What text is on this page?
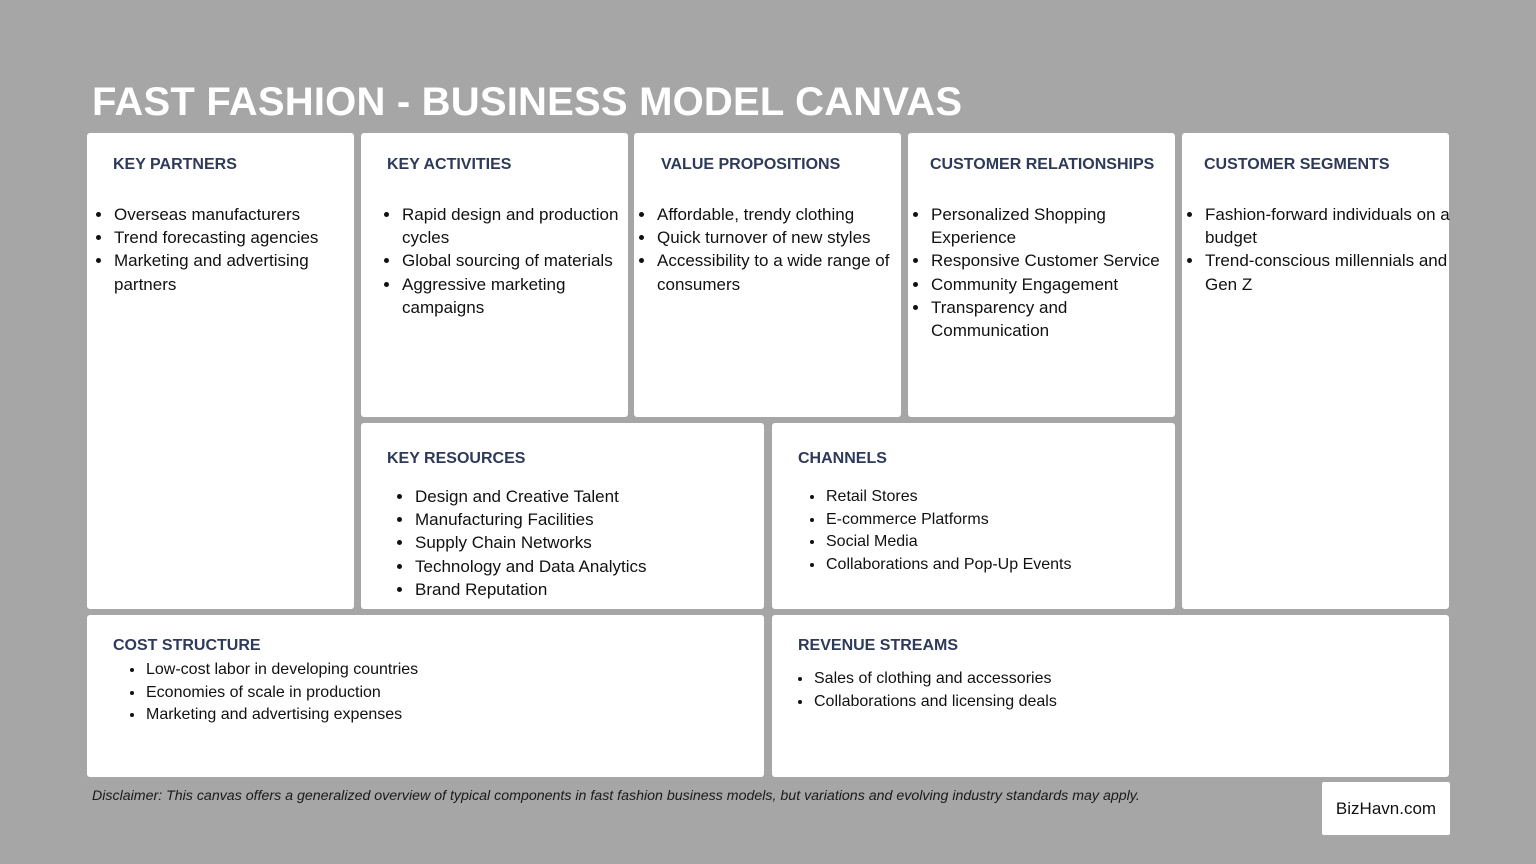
FAST FASHION - BUSINESS MODEL CANVAS
KEY PARTNERS
• Overseas manufacturers
• Trend forecasting agencies
• Marketing and advertising partners
KEY ACTIVITIES
• Rapid design and production cycles
• Global sourcing of materials
• Aggressive marketing campaigns
VALUE PROPOSITIONS
• Affordable, trendy clothing
• Quick turnover of new styles
• Accessibility to a wide range of consumers
CUSTOMER RELATIONSHIPS
• Personalized Shopping Experience
• Responsive Customer Service
• Community Engagement
• Transparency and Communication
CUSTOMER SEGMENTS
• Fashion-forward individuals on a budget
• Trend-conscious millennials and Gen Z
KEY RESOURCES
• Design and Creative Talent
• Manufacturing Facilities
• Supply Chain Networks
• Technology and Data Analytics
• Brand Reputation
CHANNELS
• Retail Stores
• E-commerce Platforms
• Social Media
• Collaborations and Pop-Up Events
COST STRUCTURE
• Low-cost labor in developing countries
• Economies of scale in production
• Marketing and advertising expenses
REVENUE STREAMS
• Sales of clothing and accessories
• Collaborations and licensing deals

Disclaimer: This canvas offers a generalized overview of typical components in fast fashion business models, but variations and evolving industry standards may apply.

BizHavn.com
